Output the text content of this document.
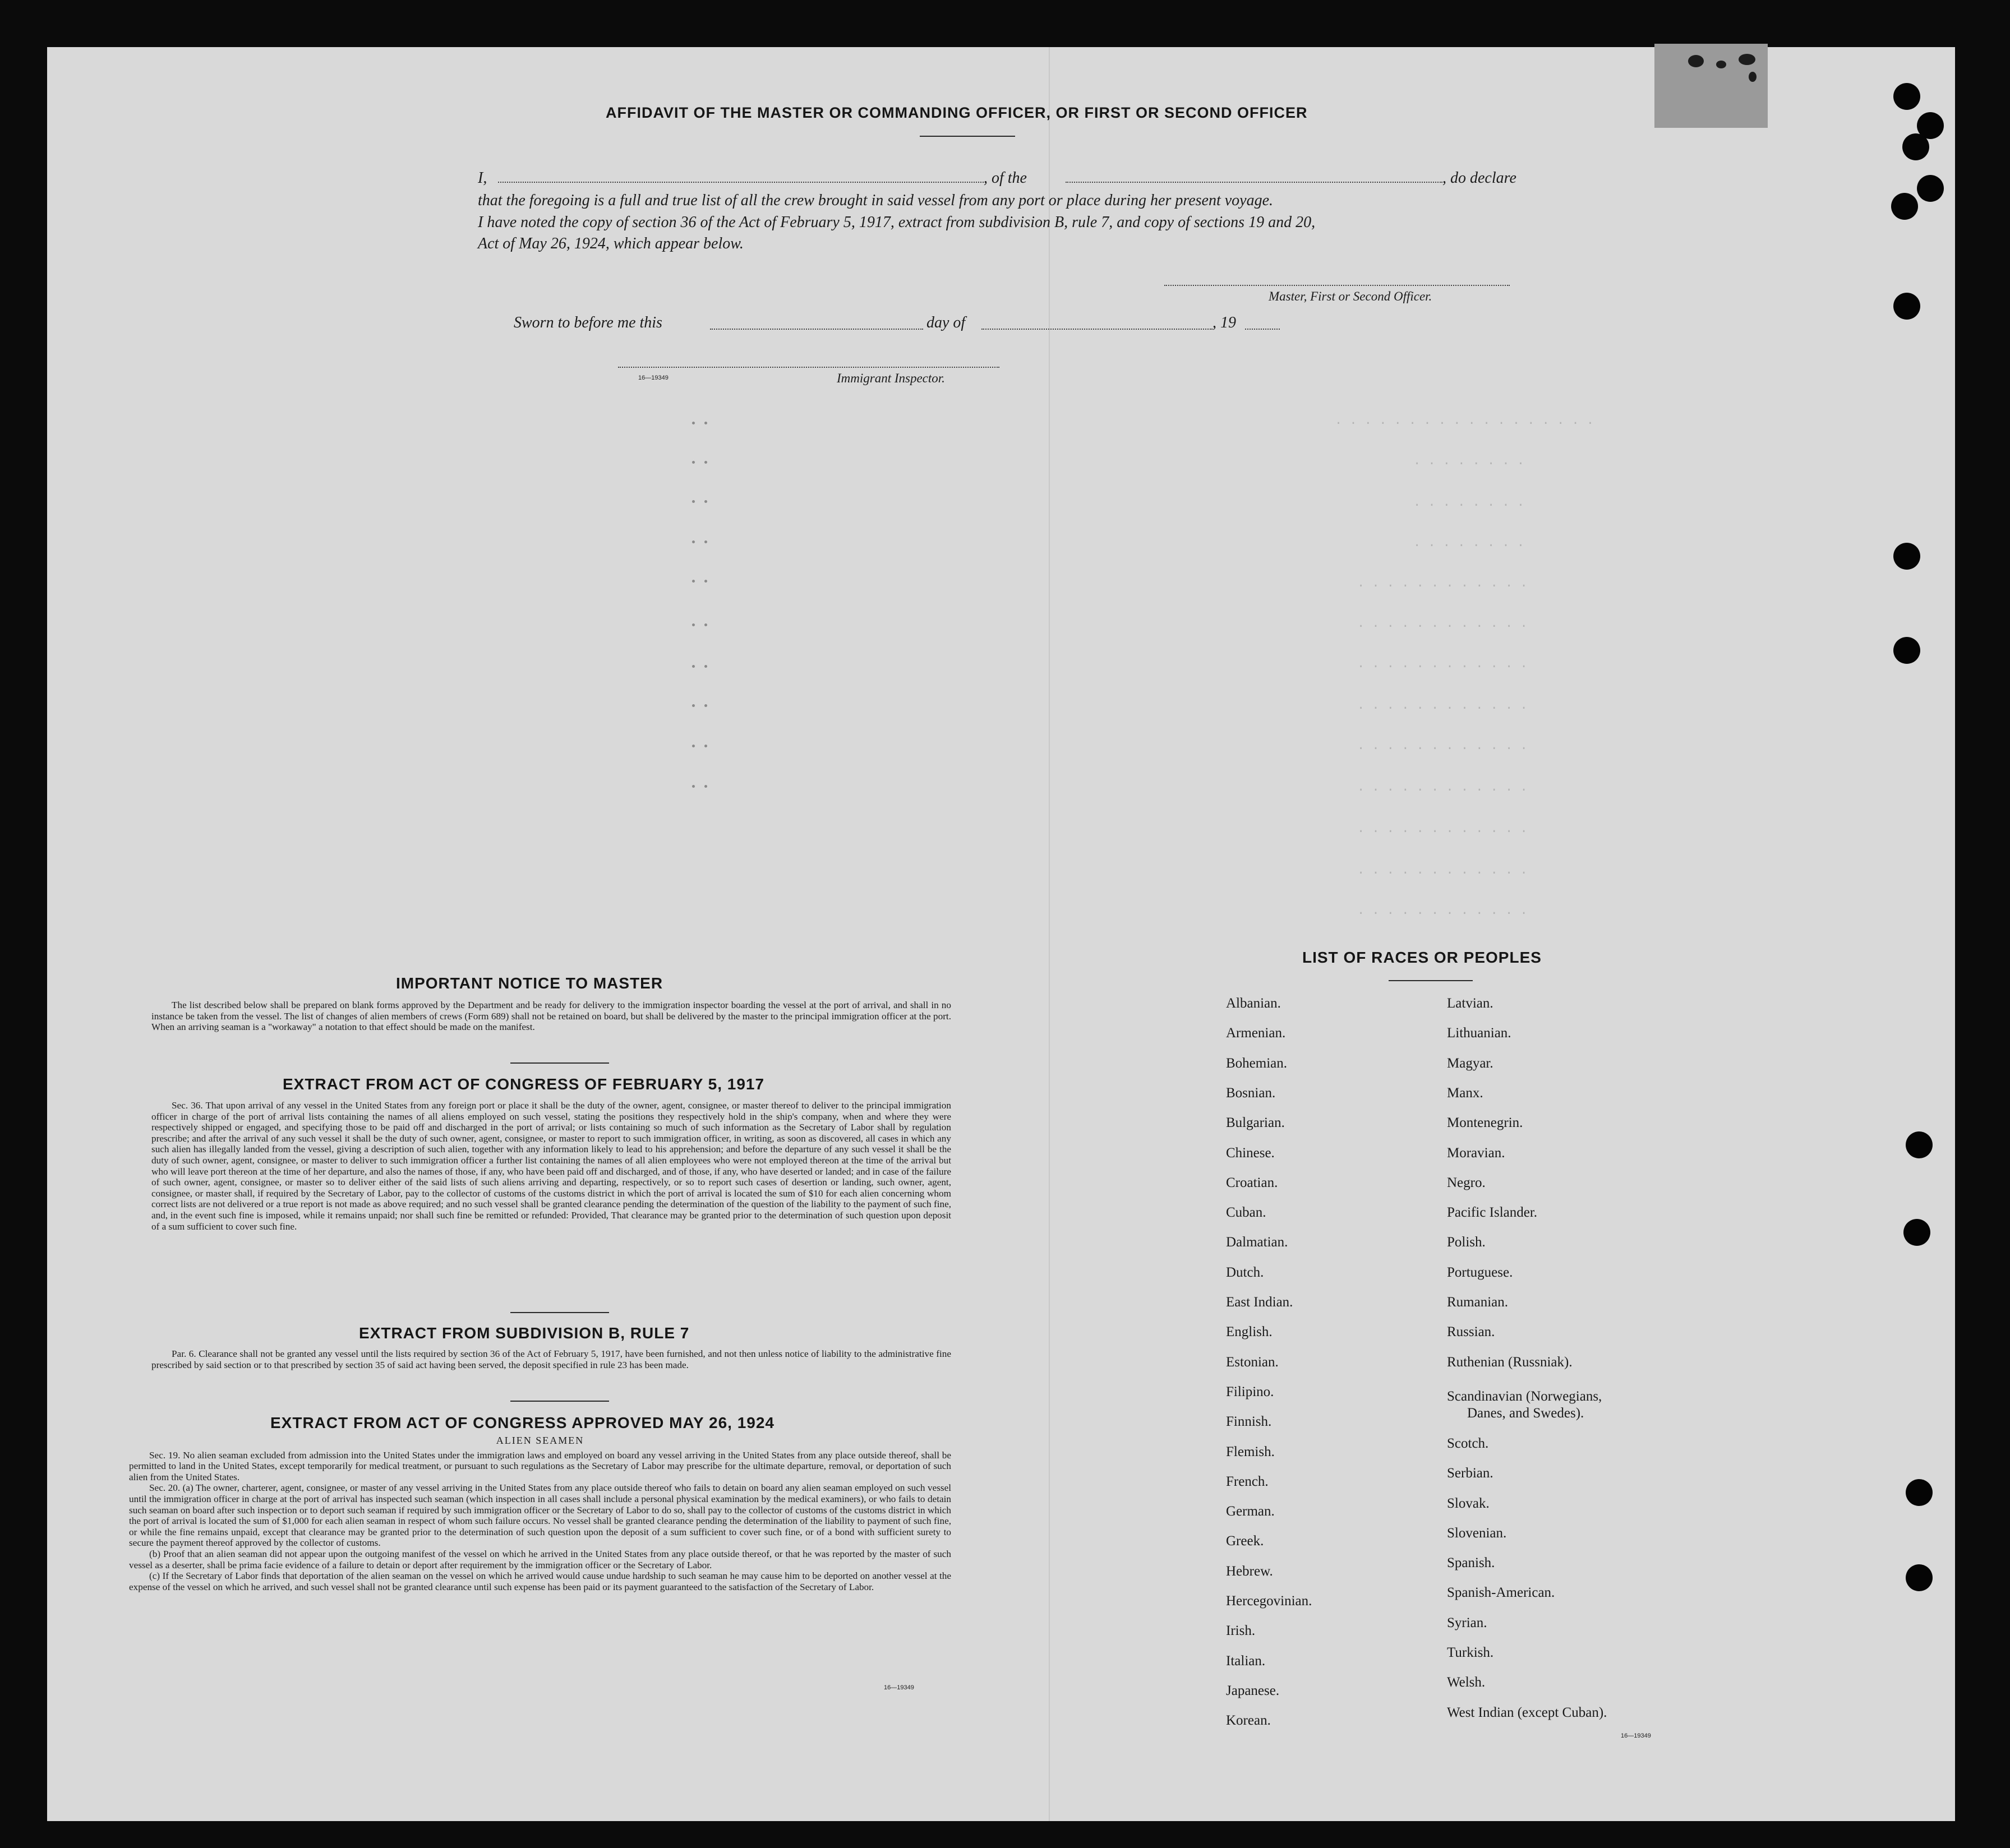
AFFIDAVIT OF THE MASTER OR COMMANDING OFFICER, OR FIRST OR SECOND OFFICER
I,	, of the	, do declare
that the foregoing is a full and true list of all the crew brought in said vessel from any port or place during her present voyage.
I have noted the copy of section 36 of the Act of February 5, 1917, extract from subdivision B, rule 7, and copy of sections 19 and 20,
Act of May 26, 1924, which appear below.
Master, First or Second Officer.
Sworn to before me this	day of	, 19
16—19349	Immigrant Inspector.
. . . . . . . . . . . . . . . . . .
. . . . . . . .
. . . . . . . .
. . . . . . . .
. . . . . . . . . . . .
. . . . . . . . . . . .
. . . . . . . . . . . .
. . . . . . . . . . . .
. . . . . . . . . . . .
. . . . . . . . . . . .
. . . . . . . . . . . .
. . . . . . . . . . . .
. . . . . . . . . . . .
IMPORTANT NOTICE TO MASTER

The list described below shall be prepared on blank forms approved by the Department and be ready for delivery to the immigration inspector boarding the vessel at the port of arrival, and shall in no instance be taken from the vessel. The list of changes of alien members of crews (Form 689) shall not be retained on board, but shall be delivered by the master to the principal immigration officer at the port. When an arriving seaman is a "workaway" a notation to that effect should be made on the manifest.

EXTRACT FROM ACT OF CONGRESS OF FEBRUARY 5, 1917

Sec. 36. That upon arrival of any vessel in the United States from any foreign port or place it shall be the duty of the owner, agent, consignee, or master thereof to deliver to the principal immigration officer in charge of the port of arrival lists containing the names of all aliens employed on such vessel, stating the positions they respectively hold in the ship's company, when and where they were respectively shipped or engaged, and specifying those to be paid off and discharged in the port of arrival; or lists containing so much of such information as the Secretary of Labor shall by regulation prescribe; and after the arrival of any such vessel it shall be the duty of such owner, agent, consignee, or master to report to such immigration officer, in writing, as soon as discovered, all cases in which any such alien has illegally landed from the vessel, giving a description of such alien, together with any information likely to lead to his apprehension; and before the departure of any such vessel it shall be the duty of such owner, agent, consignee, or master to deliver to such immigration officer a further list containing the names of all alien employees who were not employed thereon at the time of the arrival but who will leave port thereon at the time of her departure, and also the names of those, if any, who have been paid off and discharged, and of those, if any, who have deserted or landed; and in case of the failure of such owner, agent, consignee, or master so to deliver either of the said lists of such aliens arriving and departing, respectively, or so to report such cases of desertion or landing, such owner, agent, consignee, or master shall, if required by the Secretary of Labor, pay to the collector of customs of the customs district in which the port of arrival is located the sum of $10 for each alien concerning whom correct lists are not delivered or a true report is not made as above required; and no such vessel shall be granted clearance pending the determination of the question of the liability to the payment of such fine, and, in the event such fine is imposed, while it remains unpaid; nor shall such fine be remitted or refunded: Provided, That clearance may be granted prior to the determination of such question upon deposit of a sum sufficient to cover such fine.

EXTRACT FROM SUBDIVISION B, RULE 7

Par. 6. Clearance shall not be granted any vessel until the lists required by section 36 of the Act of February 5, 1917, have been furnished, and not then unless notice of liability to the administrative fine prescribed by said section or to that prescribed by section 35 of said act having been served, the deposit specified in rule 23 has been made.

EXTRACT FROM ACT OF CONGRESS APPROVED MAY 26, 1924
ALIEN SEAMEN

Sec. 19. No alien seaman excluded from admission into the United States under the immigration laws and employed on board any vessel arriving in the United States from any place outside thereof, shall be permitted to land in the United States, except temporarily for medical treatment, or pursuant to such regulations as the Secretary of Labor may prescribe for the ultimate departure, removal, or deportation of such alien from the United States.

Sec. 20. (a) The owner, charterer, agent, consignee, or master of any vessel arriving in the United States from any place outside thereof who fails to detain on board any alien seaman employed on such vessel until the immigration officer in charge at the port of arrival has inspected such seaman (which inspection in all cases shall include a personal physical examination by the medical examiners), or who fails to detain such seaman on board after such inspection or to deport such seaman if required by such immigration officer or the Secretary of Labor to do so, shall pay to the collector of customs of the customs district in which the port of arrival is located the sum of $1,000 for each alien seaman in respect of whom such failure occurs. No vessel shall be granted clearance pending the determination of the liability to payment of such fine, or while the fine remains unpaid, except that clearance may be granted prior to the determination of such question upon the deposit of a sum sufficient to cover such fine, or of a bond with sufficient surety to secure the payment thereof approved by the collector of customs.

(b) Proof that an alien seaman did not appear upon the outgoing manifest of the vessel on which he arrived in the United States from any place outside thereof, or that he was reported by the master of such vessel as a deserter, shall be prima facie evidence of a failure to detain or deport after requirement by the immigration officer or the Secretary of Labor.

(c) If the Secretary of Labor finds that deportation of the alien seaman on the vessel on which he arrived would cause undue hardship to such seaman he may cause him to be deported on another vessel at the expense of the vessel on which he arrived, and such vessel shall not be granted clearance until such expense has been paid or its payment guaranteed to the satisfaction of the Secretary of Labor.

16—19349
LIST OF RACES OR PEOPLES
Albanian.
Armenian.
Bohemian.
Bosnian.
Bulgarian.
Chinese.
Croatian.
Cuban.
Dalmatian.
Dutch.
East Indian.
English.
Estonian.
Filipino.
Finnish.
Flemish.
French.
German.
Greek.
Hebrew.
Hercegovinian.
Irish.
Italian.
Japanese.
Korean.
Latvian.
Lithuanian.
Magyar.
Manx.
Montenegrin.
Moravian.
Negro.
Pacific Islander.
Polish.
Portuguese.
Rumanian.
Russian.
Ruthenian (Russniak).
Scandinavian (Norwegians,
Danes, and Swedes).
Scotch.
Serbian.
Slovak.
Slovenian.
Spanish.
Spanish-American.
Syrian.
Turkish.
Welsh.
West Indian (except Cuban).
16—19349
